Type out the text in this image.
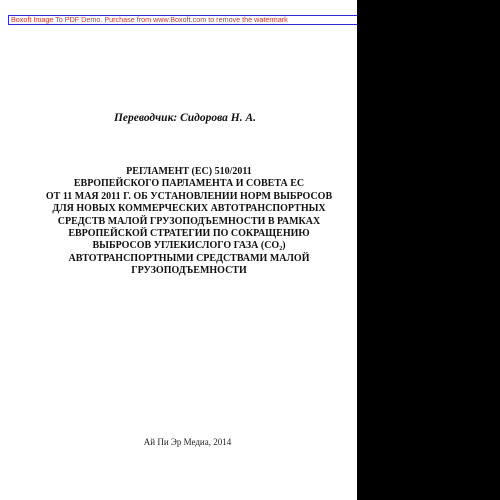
Boxoft Image To PDF Demo. Purchase from www.Boxoft.com to remove the watermark
Переводчик: Сидорова Н. А.
РЕГЛАМЕНТ (ЕС) 510/2011
ЕВРОПЕЙСКОГО ПАРЛАМЕНТА И СОВЕТА ЕС
ОТ 11 МАЯ 2011 Г. ОБ УСТАНОВЛЕНИИ НОРМ ВЫБРОСОВ
ДЛЯ НОВЫХ КОММЕРЧЕСКИХ АВТОТРАНСПОРТНЫХ
СРЕДСТВ МАЛОЙ ГРУЗОПОДЪЕМНОСТИ В РАМКАХ
ЕВРОПЕЙСКОЙ СТРАТЕГИИ ПО СОКРАЩЕНИЮ
ВЫБРОСОВ УГЛЕКИСЛОГО ГАЗА (CO₂)
АВТОТРАНСПОРТНЫМИ СРЕДСТВАМИ МАЛОЙ
ГРУЗОПОДЪЕМНОСТИ
Ай Пи Эр Медиа, 2014
